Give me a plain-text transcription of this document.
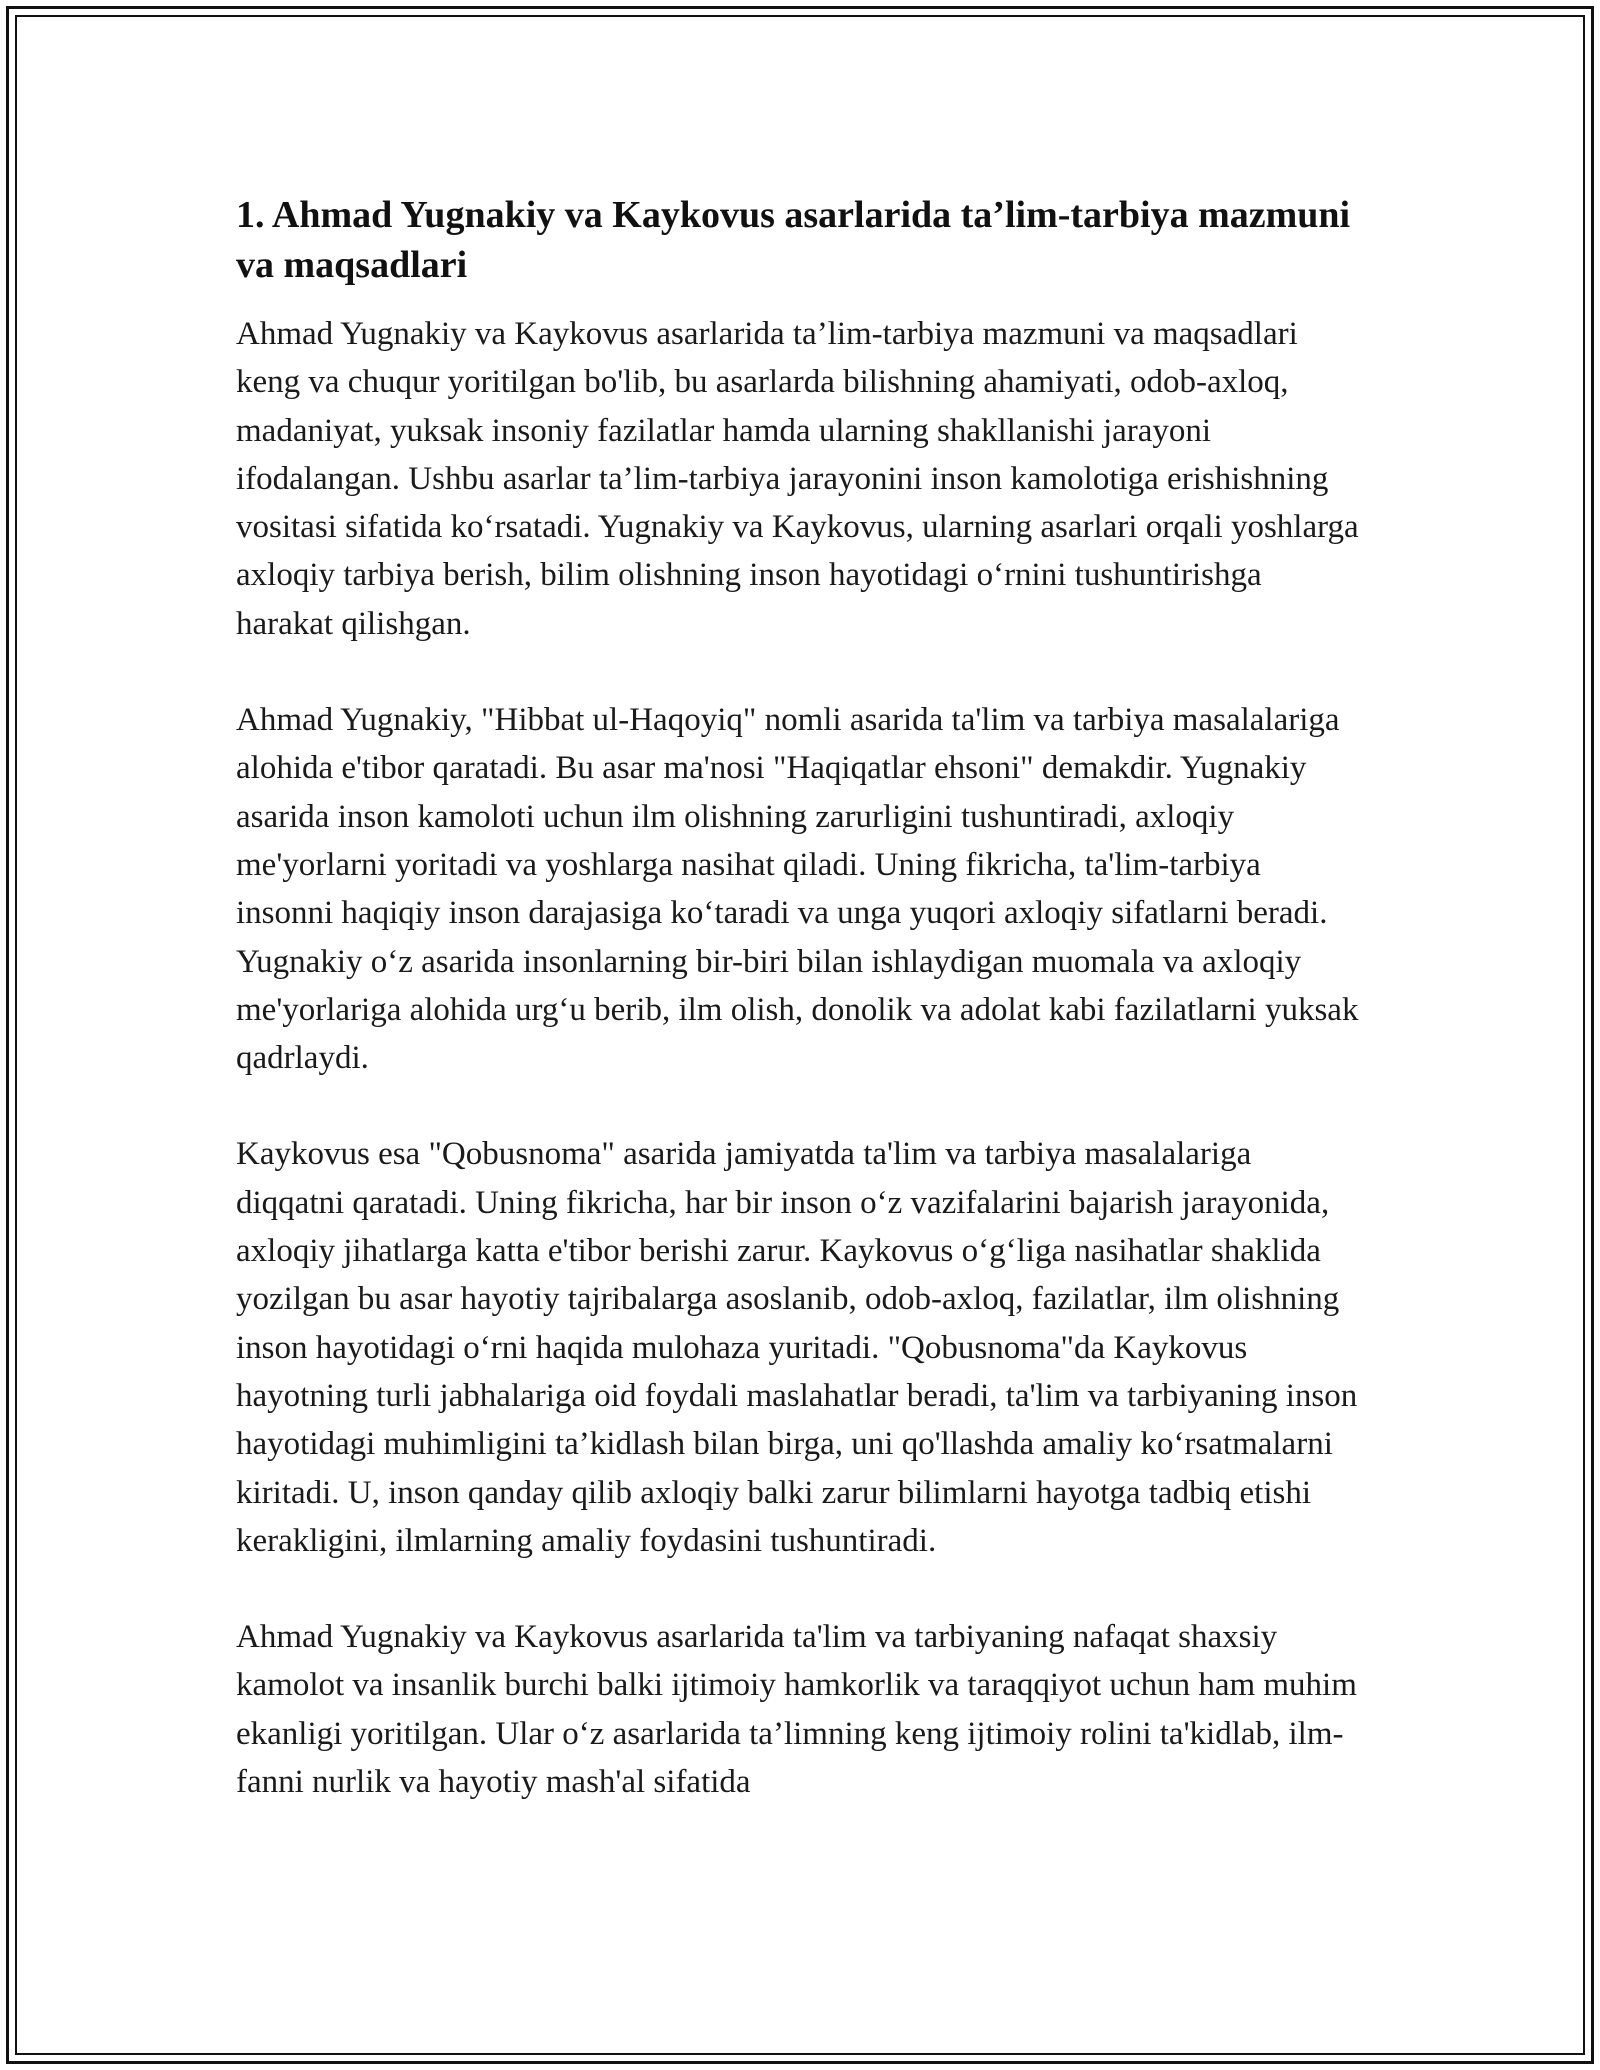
1. Ahmad Yugnakiy va Kaykovus asarlarida ta’lim-tarbiya mazmuni va maqsadlari

Ahmad Yugnakiy va Kaykovus asarlarida ta’lim-tarbiya mazmuni va maqsadlari keng va chuqur yoritilgan bo'lib, bu asarlarda bilishning ahamiyati, odob-axloq, madaniyat, yuksak insoniy fazilatlar hamda ularning shakllanishi jarayoni ifodalangan. Ushbu asarlar ta’lim-tarbiya jarayonini inson kamolotiga erishishning vositasi sifatida ko‘rsatadi. Yugnakiy va Kaykovus, ularning asarlari orqali yoshlarga axloqiy tarbiya berish, bilim olishning inson hayotidagi o‘rnini tushuntirishga harakat qilishgan.

Ahmad Yugnakiy, "Hibbat ul-Haqoyiq" nomli asarida ta'lim va tarbiya masalalariga alohida e'tibor qaratadi. Bu asar ma'nosi "Haqiqatlar ehsoni" demakdir. Yugnakiy asarida inson kamoloti uchun ilm olishning zarurligini tushuntiradi, axloqiy me'yorlarni yoritadi va yoshlarga nasihat qiladi. Uning fikricha, ta'lim-tarbiya insonni haqiqiy inson darajasiga ko‘taradi va unga yuqori axloqiy sifatlarni beradi. Yugnakiy o‘z asarida insonlarning bir-biri bilan ishlaydigan muomala va axloqiy me'yorlariga alohida urg‘u berib, ilm olish, donolik va adolat kabi fazilatlarni yuksak qadrlaydi.

Kaykovus esa "Qobusnoma" asarida jamiyatda ta'lim va tarbiya masalalariga diqqatni qaratadi. Uning fikricha, har bir inson o‘z vazifalarini bajarish jarayonida, axloqiy jihatlarga katta e'tibor berishi zarur. Kaykovus o‘g‘liga nasihatlar shaklida yozilgan bu asar hayotiy tajribalarga asoslanib, odob-axloq, fazilatlar, ilm olishning inson hayotidagi o‘rni haqida mulohaza yuritadi. "Qobusnoma"da Kaykovus hayotning turli jabhalariga oid foydali maslahatlar beradi, ta'lim va tarbiyaning inson hayotidagi muhimligini ta’kidlash bilan birga, uni qo'llashda amaliy ko‘rsatmalarni kiritadi. U, inson qanday qilib axloqiy balki zarur bilimlarni hayotga tadbiq etishi kerakligini, ilmlarning amaliy foydasini tushuntiradi.

Ahmad Yugnakiy va Kaykovus asarlarida ta'lim va tarbiyaning nafaqat shaxsiy kamolot va insanlik burchi balki ijtimoiy hamkorlik va taraqqiyot uchun ham muhim ekanligi yoritilgan. Ular o‘z asarlarida ta’limning keng ijtimoiy rolini ta'kidlab, ilm-fanni nurlik va hayotiy mash'al sifatida
